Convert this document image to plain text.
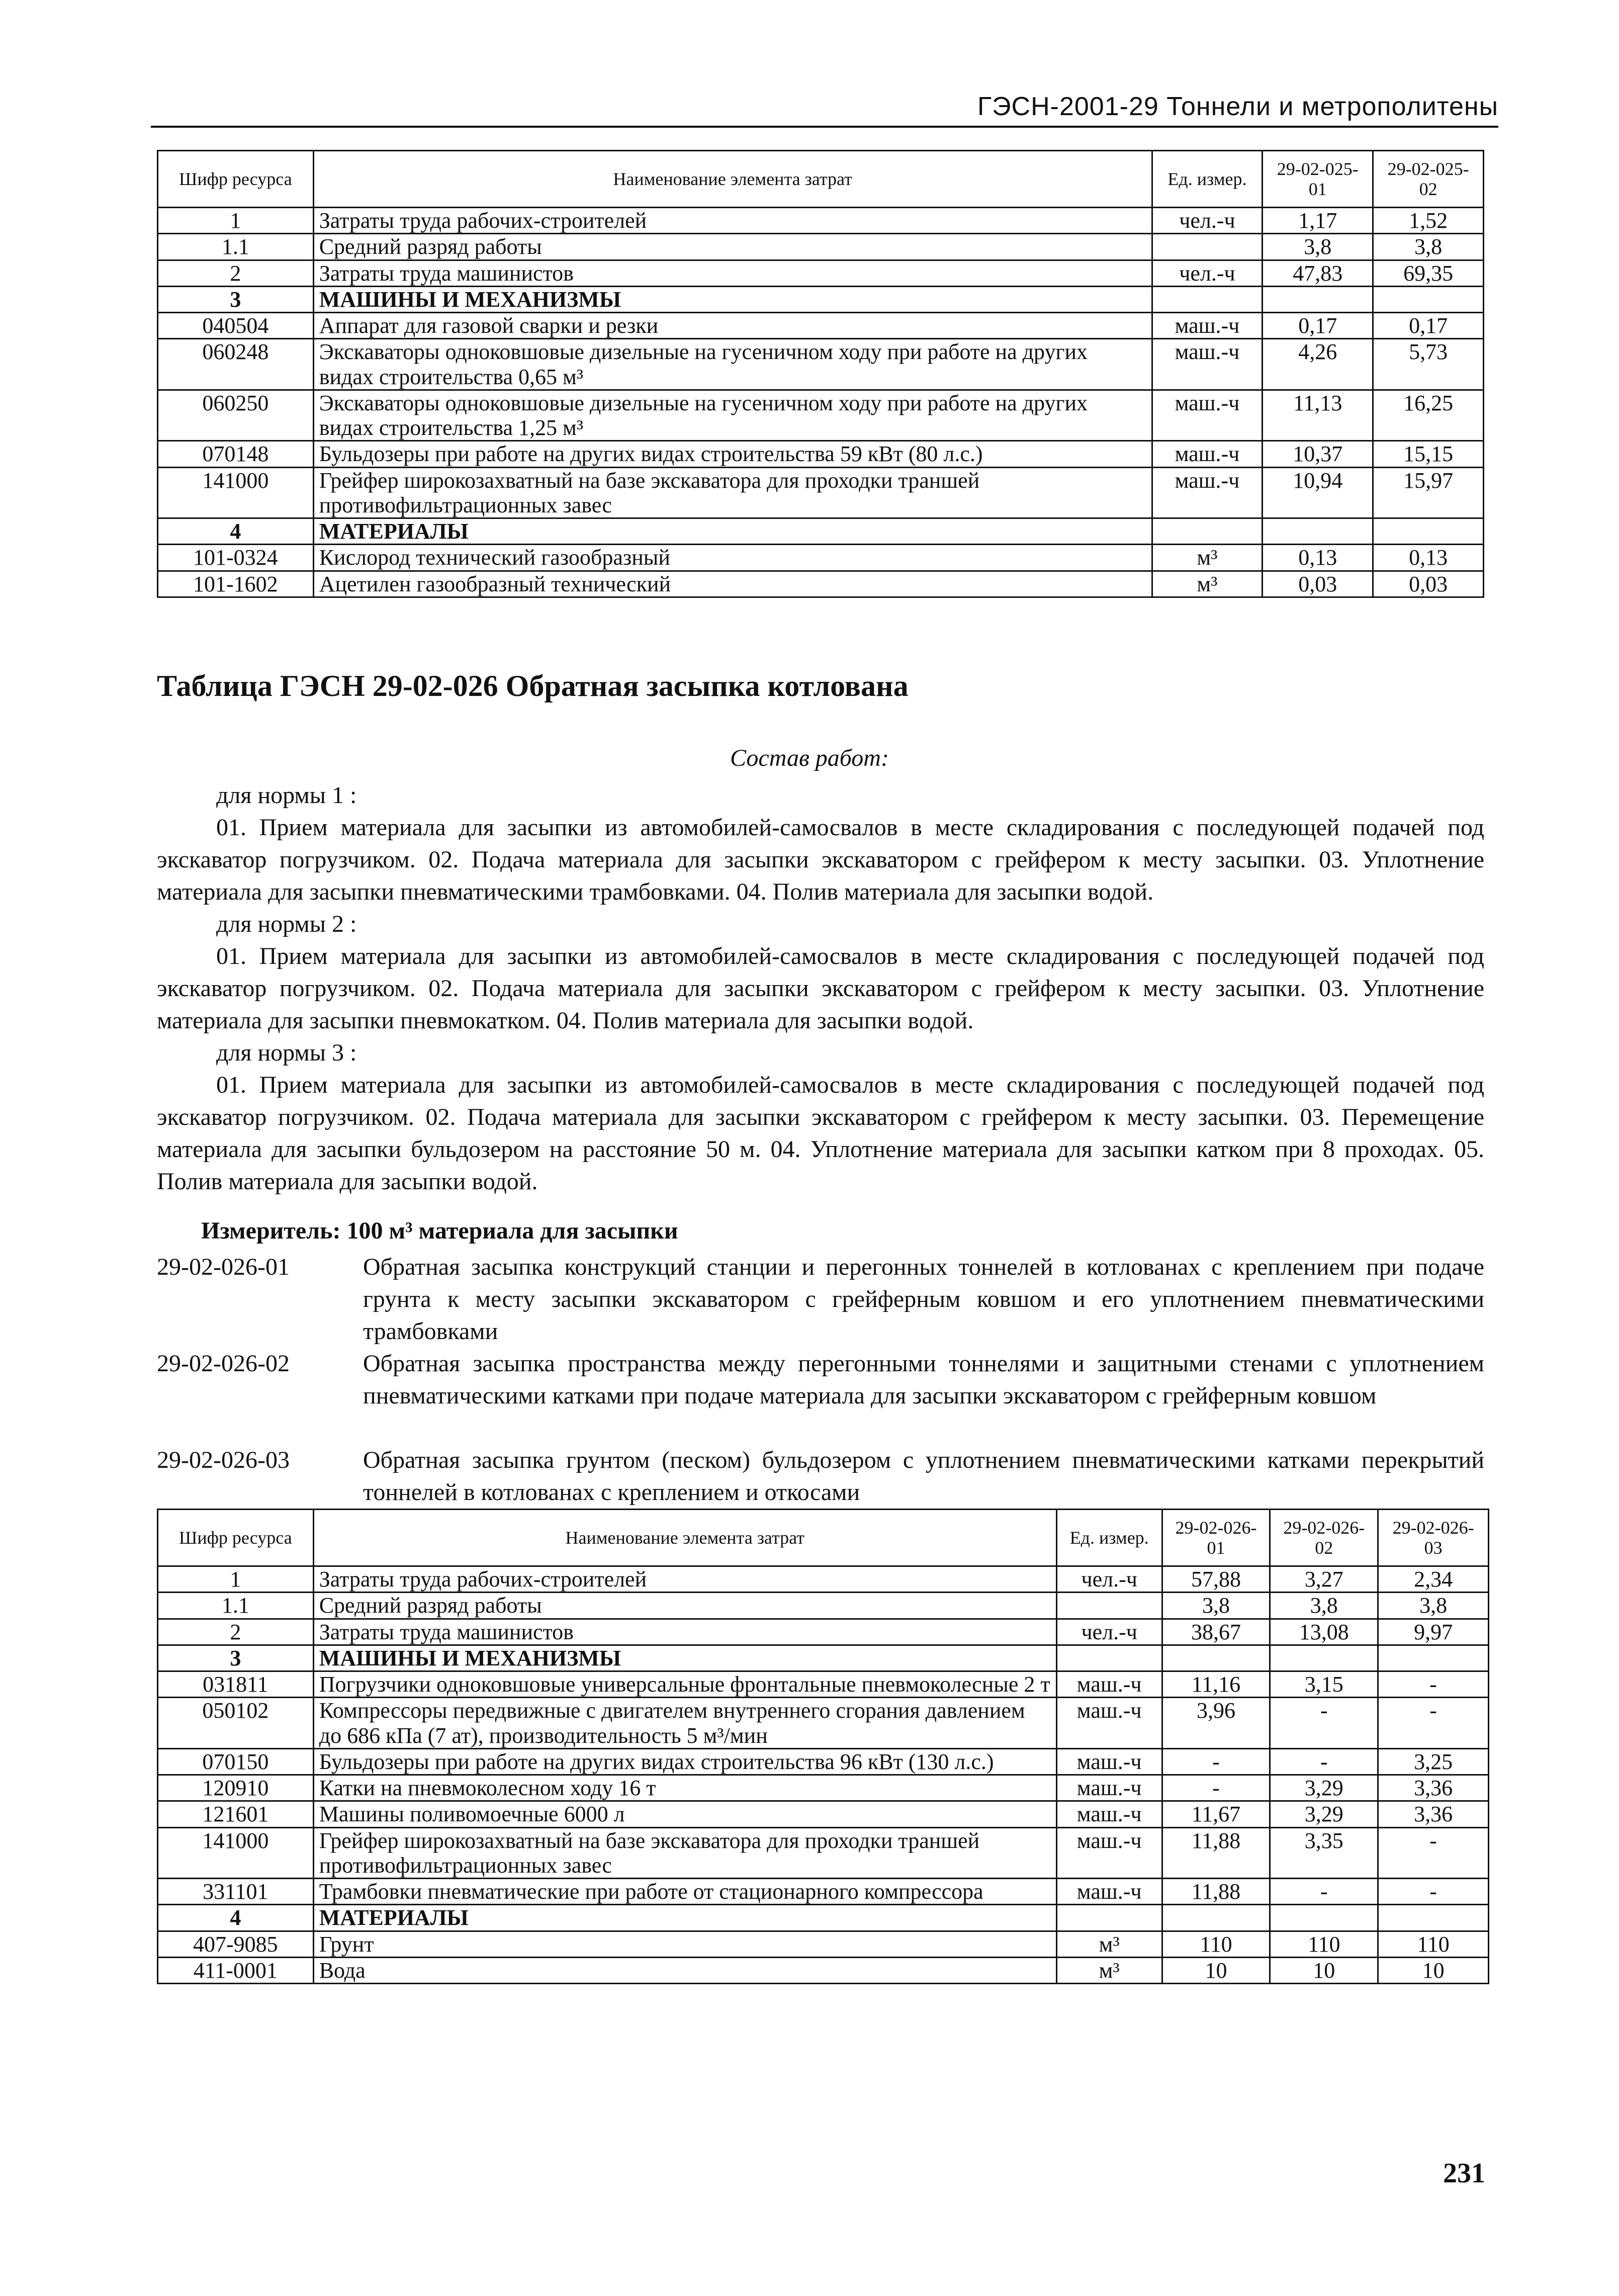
ГЭСН-2001-29 Тоннели и метрополитены
Шифр ресурса	Наименование элемента затрат	Ед. измер.	29-02-025-01	29-02-025-02
1	Затраты труда рабочих-строителей	чел.-ч	1,17	1,52
1.1	Средний разряд работы		3,8	3,8
2	Затраты труда машинистов	чел.-ч	47,83	69,35
3	МАШИНЫ И МЕХАНИЗМЫ			
040504	Аппарат для газовой сварки и резки	маш.-ч	0,17	0,17
060248	Экскаваторы одноковшовые дизельные на гусеничном ходу при работе на других видах строительства 0,65 м³	маш.-ч	4,26	5,73
060250	Экскаваторы одноковшовые дизельные на гусеничном ходу при работе на других видах строительства 1,25 м³	маш.-ч	11,13	16,25
070148	Бульдозеры при работе на других видах строительства 59 кВт (80 л.с.)	маш.-ч	10,37	15,15
141000	Грейфер широкозахватный на базе экскаватора для проходки траншей противофильтрационных завес	маш.-ч	10,94	15,97
4	МАТЕРИАЛЫ			
101-0324	Кислород технический газообразный	м³	0,13	0,13
101-1602	Ацетилен газообразный технический	м³	0,03	0,03
Таблица ГЭСН 29-02-026 Обратная засыпка котлована
Состав работ:
для нормы 1 :

01. Прием материала для засыпки из автомобилей-самосвалов в месте складирования с последующей подачей под экскаватор погрузчиком. 02. Подача материала для засыпки экскаватором с грейфером к месту засыпки. 03. Уплотнение материала для засыпки пневматическими трамбовками. 04. Полив материала для засыпки водой.

для нормы 2 :

01. Прием материала для засыпки из автомобилей-самосвалов в месте складирования с последующей подачей под экскаватор погрузчиком. 02. Подача материала для засыпки экскаватором с грейфером к месту засыпки. 03. Уплотнение материала для засыпки пневмокатком. 04. Полив материала для засыпки водой.

для нормы 3 :

01. Прием материала для засыпки из автомобилей-самосвалов в месте складирования с последующей подачей под экскаватор погрузчиком. 02. Подача материала для засыпки экскаватором с грейфером к месту засыпки. 03. Перемещение материала для засыпки бульдозером на расстояние 50 м. 04. Уплотнение материала для засыпки катком при 8 проходах. 05. Полив материала для засыпки водой.

Измеритель: 100 м³ материала для засыпки
29-02-026-01	Обратная засыпка конструкций станции и перегонных тоннелей в котлованах с креплением при подаче грунта к месту засыпки экскаватором с грейферным ковшом и его уплотнением пневматическими трамбовками
29-02-026-02	Обратная засыпка пространства между перегонными тоннелями и защитными стенами с уплотнением пневматическими катками при подаче материала для засыпки экскаватором с грейферным ковшом
29-02-026-03	Обратная засыпка грунтом (песком) бульдозером с уплотнением пневматическими катками перекрытий тоннелей в котлованах с креплением и откосами
Шифр ресурса	Наименование элемента затрат	Ед. измер.	29-02-026-01	29-02-026-02	29-02-026-03
1	Затраты труда рабочих-строителей	чел.-ч	57,88	3,27	2,34
1.1	Средний разряд работы		3,8	3,8	3,8
2	Затраты труда машинистов	чел.-ч	38,67	13,08	9,97
3	МАШИНЫ И МЕХАНИЗМЫ				
031811	Погрузчики одноковшовые универсальные фронтальные пневмоколесные 2 т	маш.-ч	11,16	3,15	-
050102	Компрессоры передвижные с двигателем внутреннего сгорания давлением до 686 кПа (7 ат), производительность 5 м³/мин	маш.-ч	3,96	-	-
070150	Бульдозеры при работе на других видах строительства 96 кВт (130 л.с.)	маш.-ч	-	-	3,25
120910	Катки на пневмоколесном ходу 16 т	маш.-ч	-	3,29	3,36
121601	Машины поливомоечные 6000 л	маш.-ч	11,67	3,29	3,36
141000	Грейфер широкозахватный на базе экскаватора для проходки траншей противофильтрационных завес	маш.-ч	11,88	3,35	-
331101	Трамбовки пневматические при работе от стационарного компрессора	маш.-ч	11,88	-	-
4	МАТЕРИАЛЫ				
407-9085	Грунт	м³	110	110	110
411-0001	Вода	м³	10	10	10
231
